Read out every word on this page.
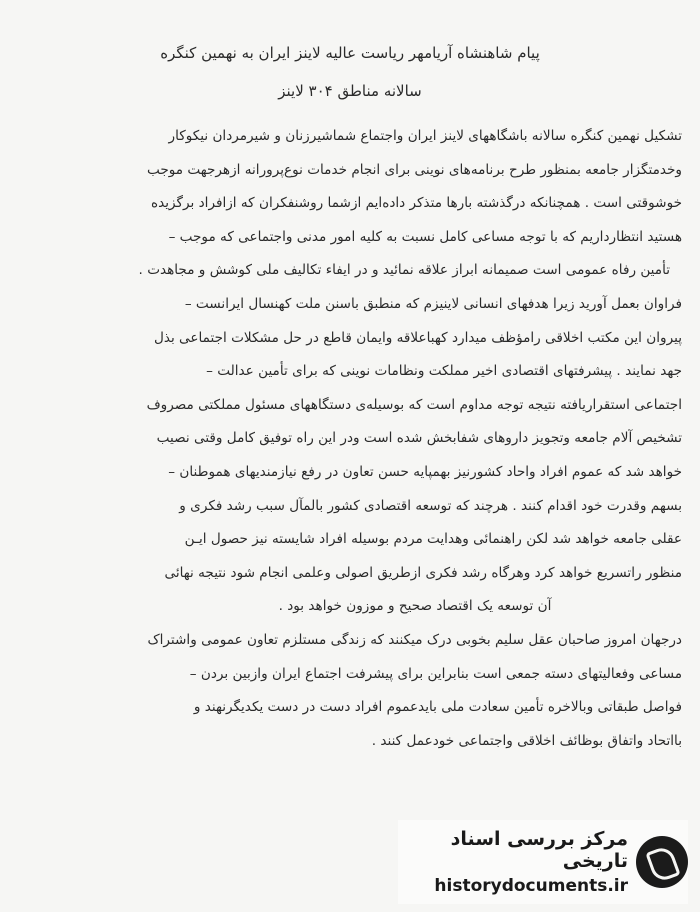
پیام شاهنشاه آریامهر ریاست عالیه لاینز ایران به نهمین کنگره
سالانه مناطق ۳۰۴ لاینز
تشکیل نهمین کنگره سالانه باشگاههای لاینز ایران واجتماع شماشیرزنان و شیرمردان نیکوکار
وخدمتگزار جامعه بمنظور طرح برنامه‌های نوینی برای انجام خدمات نوع‌پرورانه ازهرجهت موجب
خوشوقتی است . همچنانکه درگذشته بارها متذکر داده‌ایم ازشما روشنفکران که ازافراد برگزیده
هستید انتظارداریم که با توجه مساعی کامل نسبت به کلیه امور مدنی واجتماعی که موجب –
تأمین رفاه عمومی است صمیمانه ابراز علاقه نمائید و در ایفاء تکالیف ملی کوشش و مجاهدت .
فراوان بعمل آورید زیرا هدفهای انسانی لاینیزم که منطبق باسنن ملت کهنسال ایرانست –
پیروان این مکتب اخلاقی رامؤظف میدارد کهباعلاقه وایمان قاطع در حل مشکلات اجتماعی بذل
جهد نمایند . پیشرفتهای اقتصادی اخیر مملکت ونظامات نوینی که برای تأمین عدالت –
اجتماعی استقراریافته نتیجه توجه مداوم است که بوسیله‌ی دستگاههای مسئول مملکتی مصروف
تشخیص آلام جامعه وتجویز داروهای شفابخش شده است ودر این راه توفیق کامل وقتی نصیب
خواهد شد که عموم افراد واحاد کشورنیز بهمپایه حسن تعاون در رفع نیازمندیهای هموطنان –
بسهم وقدرت خود اقدام کنند . هرچند که توسعه اقتصادی کشور بالمآل سبب رشد فکری و
عقلی جامعه خواهد شد لکن راهنمائی وهدایت مردم بوسیله افراد شایسته نیز حصول ایـن
منظور راتسریع خواهد کرد وهرگاه رشد فکری ازطریق اصولی وعلمی انجام شود نتیجه نهائی
آن توسعه یک اقتصاد صحیح و موزون خواهد بود .
درجهان امروز صاحبان عقل سلیم بخوبی درک میکنند که زندگی مستلزم تعاون عمومی واشتراک
مساعی وفعالیتهای دسته جمعی است بنابراین برای پیشرفت اجتماع ایران وازبین بردن –
فواصل طبقاتی وبالاخره تأمین سعادت ملی بایدعموم افراد دست در دست یکدیگرنهند و
بااتحاد واتفاق بوظائف اخلاقی واجتماعی خودعمل کنند .
مرکز بررسی اسناد تاریخی
historydocuments.ir
